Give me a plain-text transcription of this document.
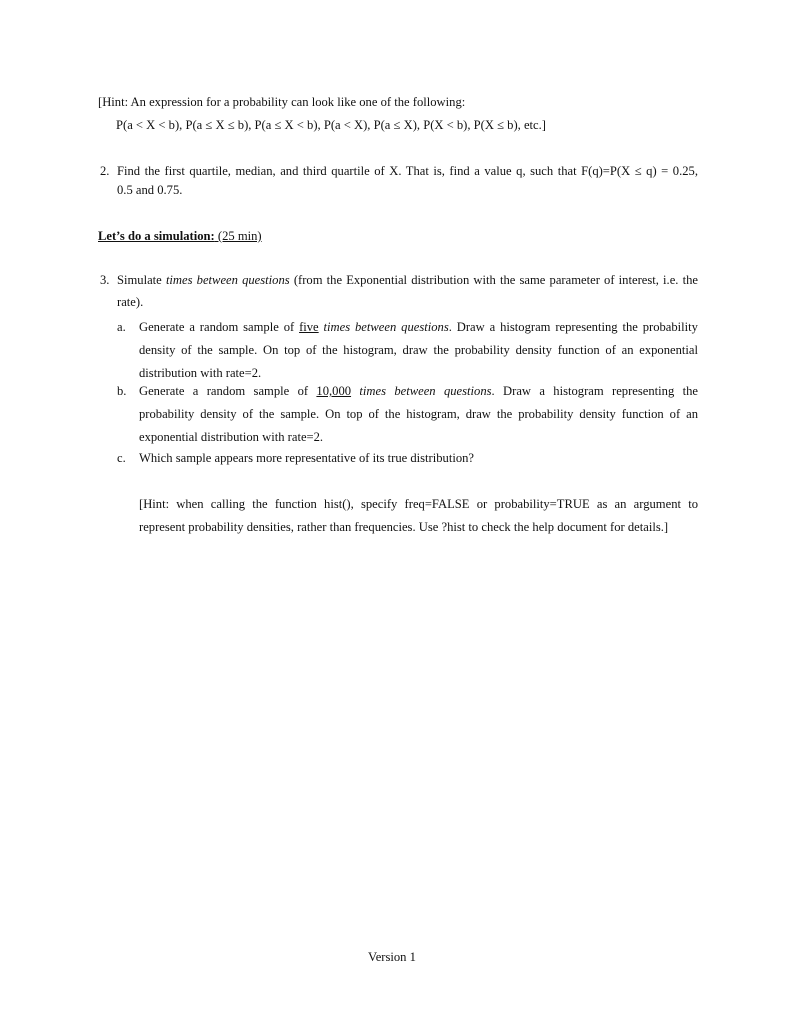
[Hint: An expression for a probability can look like one of the following:
P(a < X < b), P(a ≤ X ≤ b), P(a ≤ X < b), P(a < X), P(a ≤ X), P(X < b), P(X ≤ b), etc.]
2. Find the first quartile, median, and third quartile of X. That is, find a value q, such that F(q)=P(X ≤ q) = 0.25,
0.5 and 0.75.
Let’s do a simulation: (25 min)
3. Simulate times between questions (from the Exponential distribution with the same parameter of interest, i.e. the
rate).
a. Generate a random sample of five times between questions. Draw a histogram representing the probability
density of the sample. On top of the histogram, draw the probability density function of an exponential
distribution with rate=2.
b. Generate a random sample of 10,000 times between questions. Draw a histogram representing the
probability density of the sample. On top of the histogram, draw the probability density function of an
exponential distribution with rate=2.
c. Which sample appears more representative of its true distribution?
[Hint: when calling the function hist(), specify freq=FALSE or probability=TRUE as an argument to
represent probability densities, rather than frequencies. Use ?hist to check the help document for details.]
Version 1
